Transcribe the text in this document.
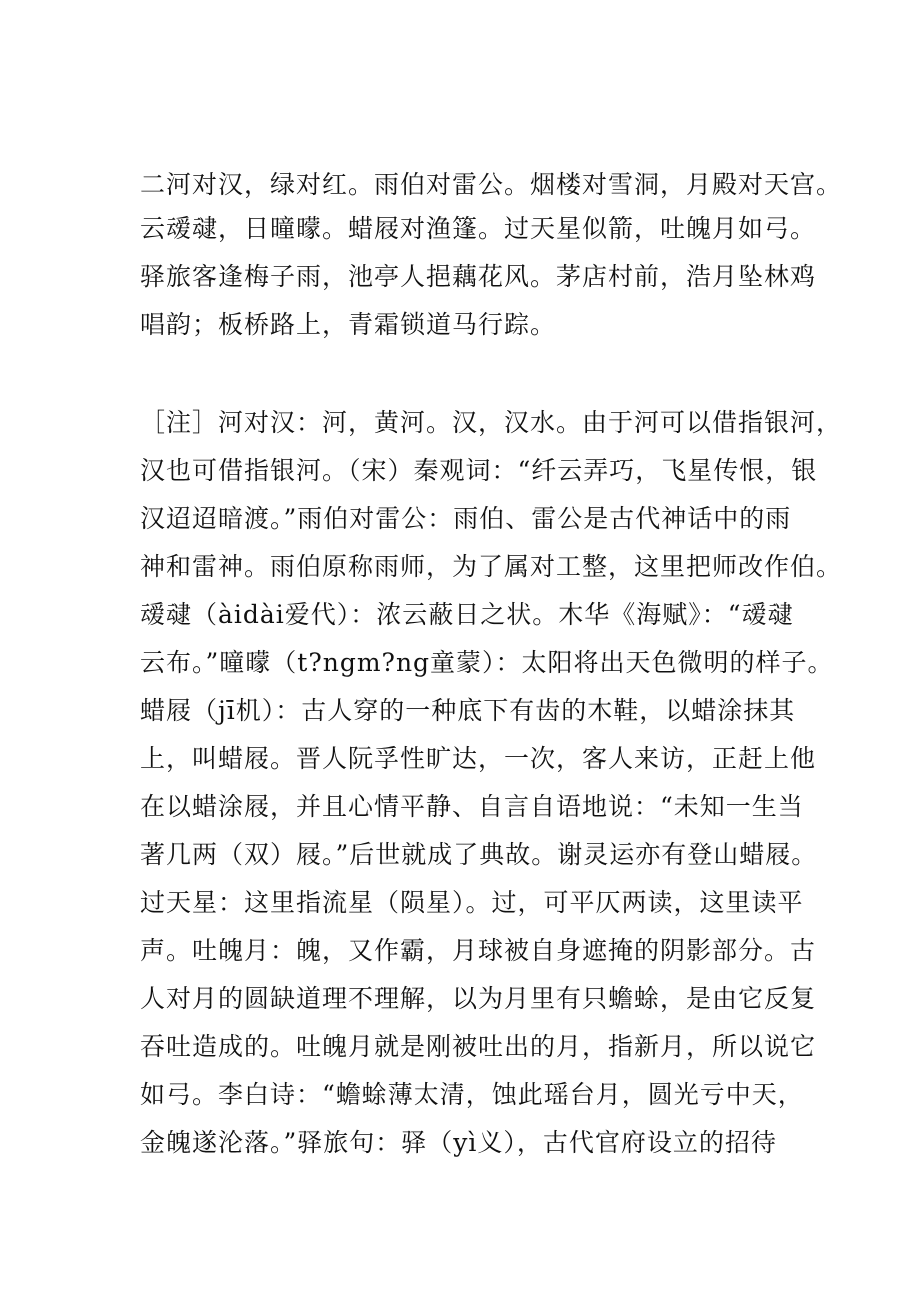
二河对汉，绿对红。雨伯对雷公。烟楼对雪洞，月殿对天宫。
云叆叇，日曈曚。蜡屐对渔篷。过天星似箭，吐魄月如弓。
驿旅客逢梅子雨，池亭人挹藕花风。茅店村前，浩月坠林鸡
唱韵；板桥路上，青霜锁道马行踪。
［注］河对汉：河，黄河。汉，汉水。由于河可以借指银河，
汉也可借指银河。（宋）秦观词：“纤云弄巧，飞星传恨，银
汉迢迢暗渡。”雨伯对雷公：雨伯、雷公是古代神话中的雨
神和雷神。雨伯原称雨师，为了属对工整，这里把师改作伯。
叆叇（àidài爱代）：浓云蔽日之状。木华《海赋》：“叆叇
云布。”曈曚（t?ngm?ng童蒙）：太阳将出天色微明的样子。
蜡屐（jī机）：古人穿的一种底下有齿的木鞋，以蜡涂抹其
上，叫蜡屐。晋人阮孚性旷达，一次，客人来访，正赶上他
在以蜡涂屐，并且心情平静、自言自语地说：“未知一生当
著几两（双）屐。”后世就成了典故。谢灵运亦有登山蜡屐。
过天星：这里指流星（陨星）。过，可平仄两读，这里读平
声。吐魄月：魄，又作霸，月球被自身遮掩的阴影部分。古
人对月的圆缺道理不理解，以为月里有只蟾蜍，是由它反复
吞吐造成的。吐魄月就是刚被吐出的月，指新月，所以说它
如弓。李白诗：“蟾蜍薄太清，蚀此瑶台月，圆光亏中天，
金魄遂沦落。”驿旅句：驿（yì义），古代官府设立的招待
